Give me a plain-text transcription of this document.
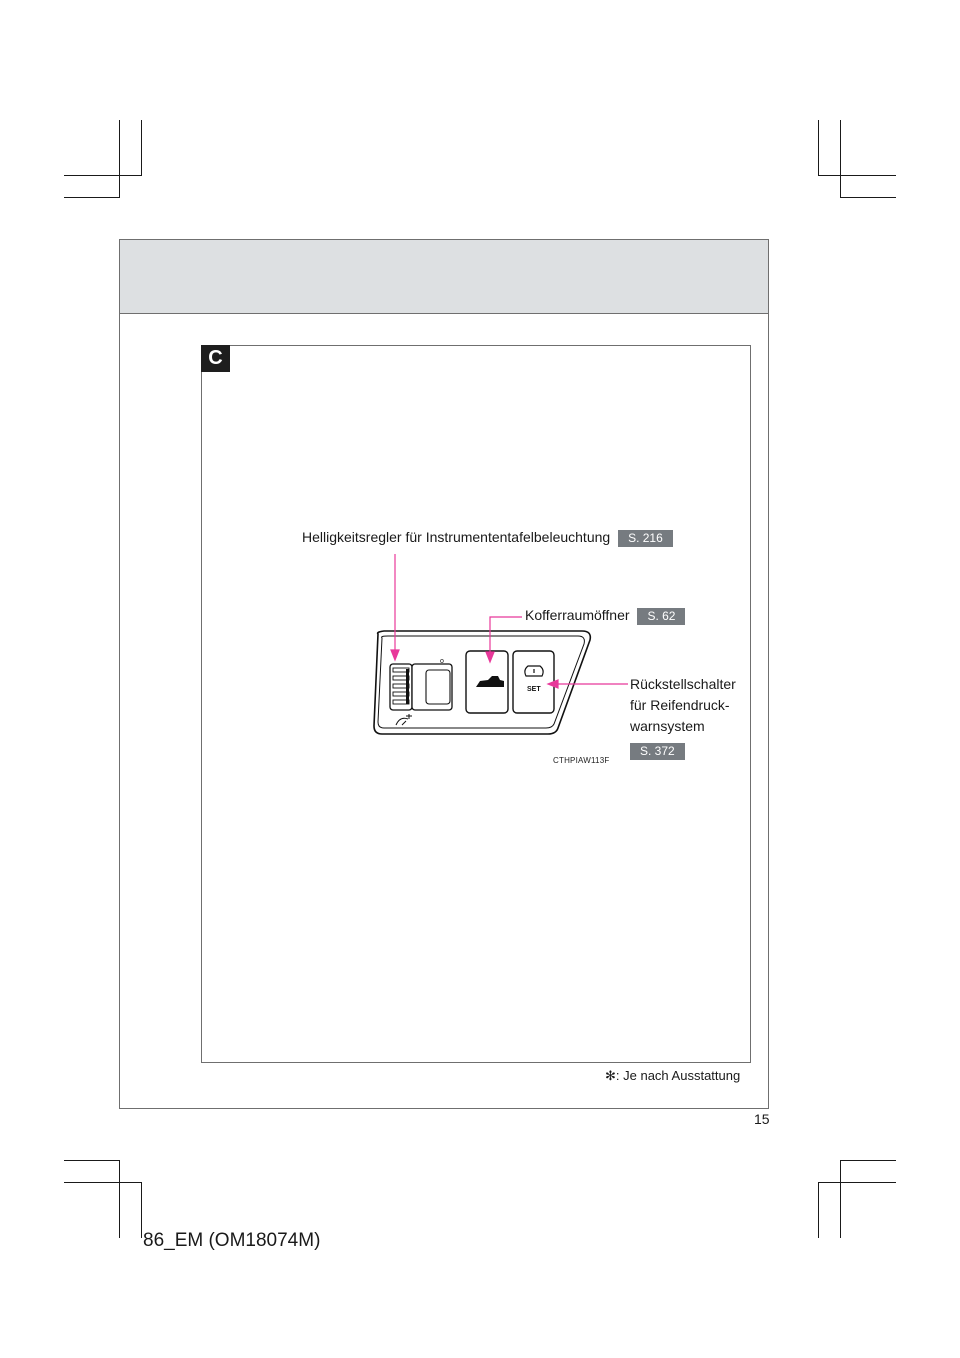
C
Helligkeitsregler für Instrumententafelbeleuchtung S. 216
Kofferraumöffner S. 62
Rückstellschalter
für Reifendruck-
warnsystem
S. 372
o
SET
CTHPIAW113F
✻: Je nach Ausstattung
15
86_EM (OM18074M)
